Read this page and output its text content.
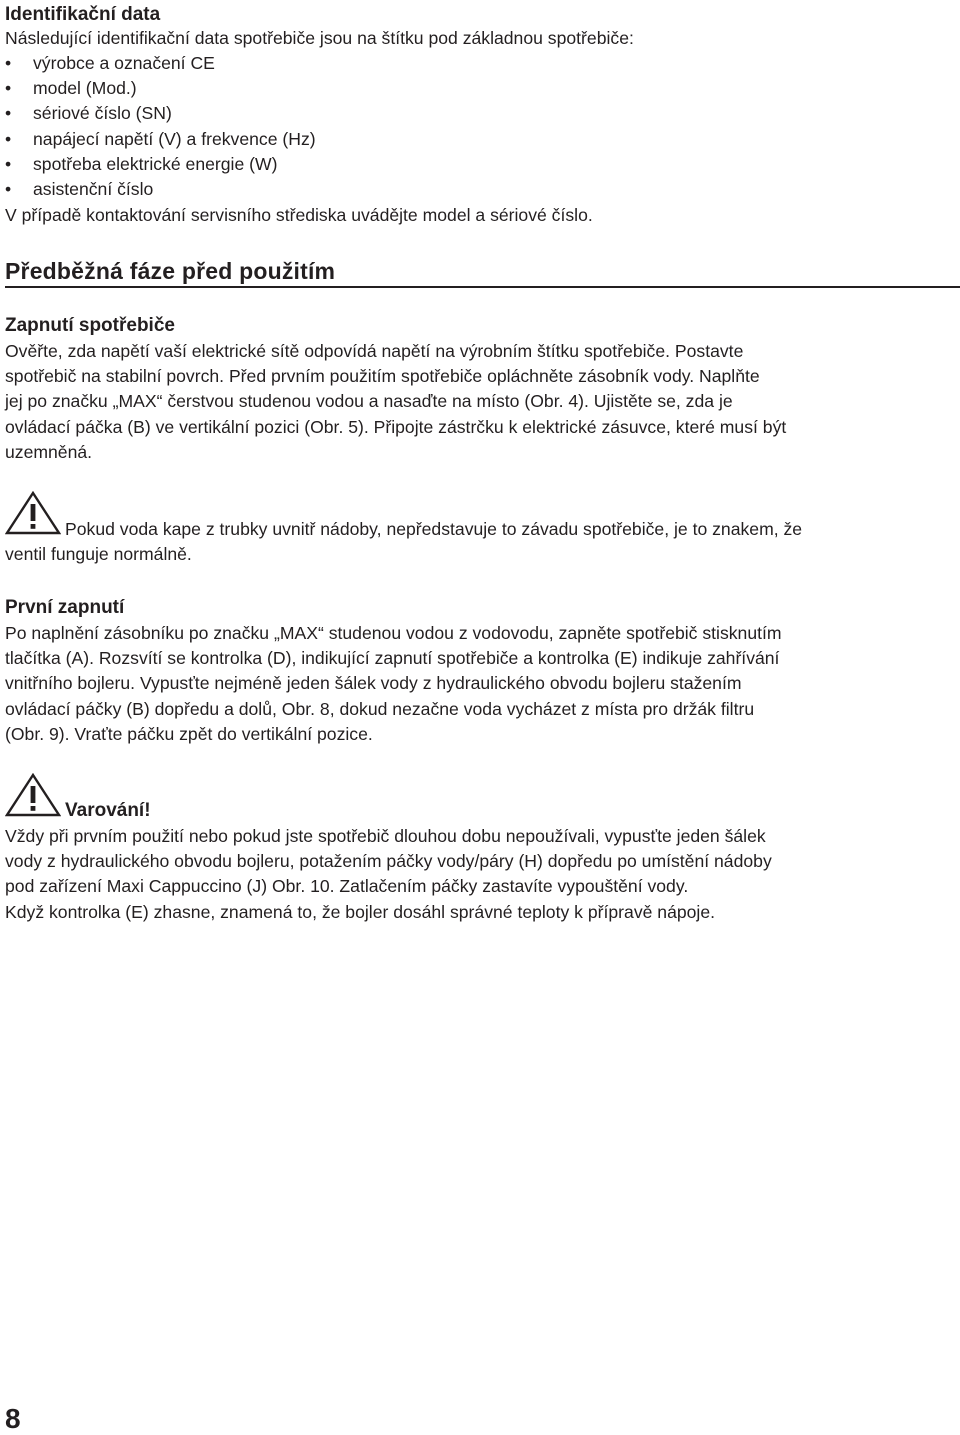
Identifikační data

Následující identifikační data spotřebiče jsou na štítku pod základnou spotřebiče:

• výrobce a označení CE
• model (Mod.)
• sériové číslo (SN)
• napájecí napětí (V) a frekvence (Hz)
• spotřeba elektrické energie (W)
• asistenční číslo

V případě kontaktování servisního střediska uvádějte model a sériové číslo.

Předběžná fáze před použitím
Zapnutí spotřebiče
Ověřte, zda napětí vaší elektrické sítě odpovídá napětí na výrobním štítku spotřebiče. Postavte
spotřebič na stabilní povrch. Před prvním použitím spotřebiče opláchněte zásobník vody. Naplňte
jej po značku „MAX“ čerstvou studenou vodou a nasaďte na místo (Obr. 4). Ujistěte se, zda je
ovládací páčka (B) ve vertikální pozici (Obr. 5). Připojte zástrčku k elektrické zásuvce, které musí být
uzemněná.
Pokud voda kape z trubky uvnitř nádoby, nepředstavuje to závadu spotřebiče, je to znakem, že
ventil funguje normálně.
První zapnutí
Po naplnění zásobníku po značku „MAX“ studenou vodou z vodovodu, zapněte spotřebič stisknutím
tlačítka (A). Rozsvítí se kontrolka (D), indikující zapnutí spotřebiče a kontrolka (E) indikuje zahřívání
vnitřního bojleru. Vypusťte nejméně jeden šálek vody z hydraulického obvodu bojleru stažením
ovládací páčky (B) dopředu a dolů, Obr. 8, dokud nezačne voda vycházet z místa pro držák filtru
(Obr. 9). Vraťte páčku zpět do vertikální pozice.
Varování!
Vždy při prvním použití nebo pokud jste spotřebič dlouhou dobu nepoužívali, vypusťte jeden šálek
vody z hydraulického obvodu bojleru, potažením páčky vody/páry (H) dopředu po umístění nádoby
pod zařízení Maxi Cappuccino (J) Obr. 10. Zatlačením páčky zastavíte vypouštění vody.
Když kontrolka (E) zhasne, znamená to, že bojler dosáhl správné teploty k přípravě nápoje.
8
